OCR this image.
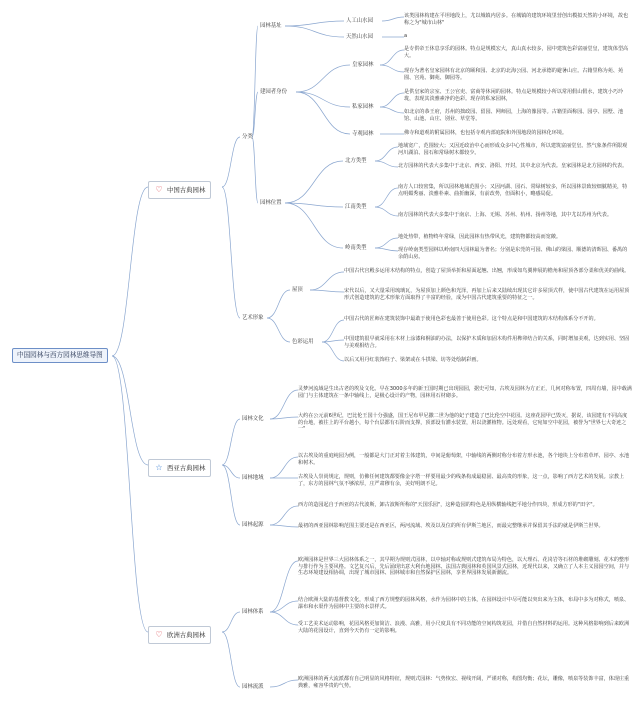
中国园林与西方园林思维导图
♡ 中国古典园林
☆ 西亚古典园林
♡ 欧洲古典园林
分类
艺术形象
园林基址
建园者身份
园林位置
屋顶
色彩运用
人工山水园
天然山水园
皇家园林
私家园林
寺观园林
北方类型
江南类型
岭南类型
该类园林构建在平坦地段上，尤以城镇内居多。在城镇的建筑环境里营创出模拟天然的小环境，故也称之为"城市山林"
a
是专供帝王休息享乐的园林。特点是规模宏大，真山真水较多，园中建筑色彩富丽堂皇，建筑体型高大。
现存为著名皇家园林有北京的颐和园、北京的北海公园、河北承德的避暑山庄。古籍里称为苑、苑囿、宫苑、御苑、御园等。
是供皇家的宗室、王公官吏、富商等休闲的园林。特点是规模较小所以常用假山假水，建筑小巧玲珑，表现其淡雅素净的色彩。现存的私家园林，
如北京的恭王府，苏州的拙政园、留园、网师园，上海的豫园等。古籍里面称园、园亭、园墅、池馆、山池、山庄、别业、草堂等。
佛寺和道观的附属园林，也包括寺观内部庭院和外围地段的园林化环境。
地域宽广，范围较大；又因近政治中心而形成众多中心性城市，所以建筑富丽堂皇。然气象条件所限观河川湖泊、园石和常绿树木都较少。
北方园林的代表大多集中于北京、西安、洛阳、开封，其中北京为代表。皇家园林是北方园林的代表。
南方人口较密集，所以园林地域范围小；又因河湖、园石、常绿树较多，所以园林景致较细腻精美，特点明媚秀丽、淡雅朴素、曲折幽深，有前改势，但面积小，略感局促。
南方园林的代表大多集中于南京、上海、无锡、苏州、杭州、扬州等地，其中尤以苏州为代表。
地处热带，植物终年常绿，因此园林有热带风光，建筑物都较高而宽敞。
现存岭南类型园林以岭南四大园林最为著名；分别是东莞的可园、佛山的梁园、顺德的清晖园、番禺的余荫山房。
中国古代宫殿多运用木结构的特点，创造了屋顶举折和屋面起翘、出翘，形成如鸟翼伸展的檐角和屋顶各部分柔和优美的曲线。
宋代以后，又大量采用琉璃瓦，为屋顶加上颜色和光泽，再加上后来又陆续出现其它许多屋顶式样，使中国古代建筑在运用屋顶形式创造建筑的艺术形象方面取得了丰富的经验，成为中国古代建筑重要的特征之一。
中国古代的匠师在建筑装饰中最敢于使用色彩也最善于使用色彩。这个特点是和中国建筑的木结构体系分不开的。
中国建筑很早就采用在木材上涂漆和桐油的办法，以保护木质和加固木构件用榫卯结合的关系，同时增加美观，达到实用、坚固与美观相结合。
以后又用丹红装饰柱子、梁架或在斗拱梁、坊等处绘制彩画。
园林文化
园林地域
园林起源
灵梦河流域是生出古老的埃及文化。早在3000多年的新王国时期已出现园园，据史可知，古埃及园林为方正正，几何对称布置，四周有墙，园中载满园门与主体建筑在一条中轴线上，是极心设计的产物，园林用石材砌多。
大约在公元前6世纪，巴比伦王国十分强盛，国王尼布甲尼撒二世为他的妃子建造了巴比伦空中花园。这座花园甲已毁灭，据说，该园建有不同高度的台地，被往上的平台越小，每个台层都有石阶而支撑，顶部设有灌水装置，用以浇灌植物。远处观看，它宛如空中花园，被誉为"世界七大奇迹之一"
以古埃及的重庭纯园为例，一般都是大门正对着主体建筑，中间是葡萄架，中轴线的两侧对称分布着方形水池，各个地块上分布着草坪、园亭、水池和树木。
古埃及人崇尚规定，规则，仿佛任何建筑都要像金字塔一样要用最少的线条构成最稳固、最高贵的形象，这一点，影响了西方艺术的发展。宗教上了，东方的园林气氛不够浓厚，庄严肃穆有余，美好明朗不足。
西方的造园起自于西亚的古代波斯，卸古波斯所称的"天国乐园"，这种造园的特色是用纵横轴线把平地分作四块，形成方形的"田字"。
最初的西亚园林影响范围主要还是在西亚区，两河流域、埃及以及位的所有伊斯兰地区，而最完整继承并保留其手法的就是伊斯兰世界。
园林体系
园林流派
欧洲园林是世界三大园林体系之一，其早期为规则式园林，以中轴对称或规则式建筑布局为特色，以大理石、花岗岩等石材的堆砌雕刻、花木的整形与排行作为主要风格。文艺复兴后，先后涌现出意大利台地园林、法国古典园林和英国风景式园林，近现代以来，又确立了人本主义园园空间，并与生态环境建设相协调，出现了城市园林、园林城市和自然保护区园林，享世界园林发展新潮流。
结合欧洲大陆的基督教文化，形成了西方规整的园林风格，水作为园林中的主体，在园林设计中尽可能以突出来为主体，布局中多为对称式，喷泉、瀑布和水渠作为园林中主要的水景样式。
受工艺美术运动影响，花园风格更加简洁、浪漫、高雅，用小尺度具有不同功能的空间构筑花园，并借自自然材料的运用。这种风格影响到后来欧洲大陆的花园设计，直到今天仍有一定的影响。
欧洲园林的两大流派都有自己明显的风格特征，规则式园林：气势恢宏、视线开阔，严谨对称，构图均衡；花坛，雕像，喷泉等装饰丰富，体现庄重典雅，雍容华贵的气势。
